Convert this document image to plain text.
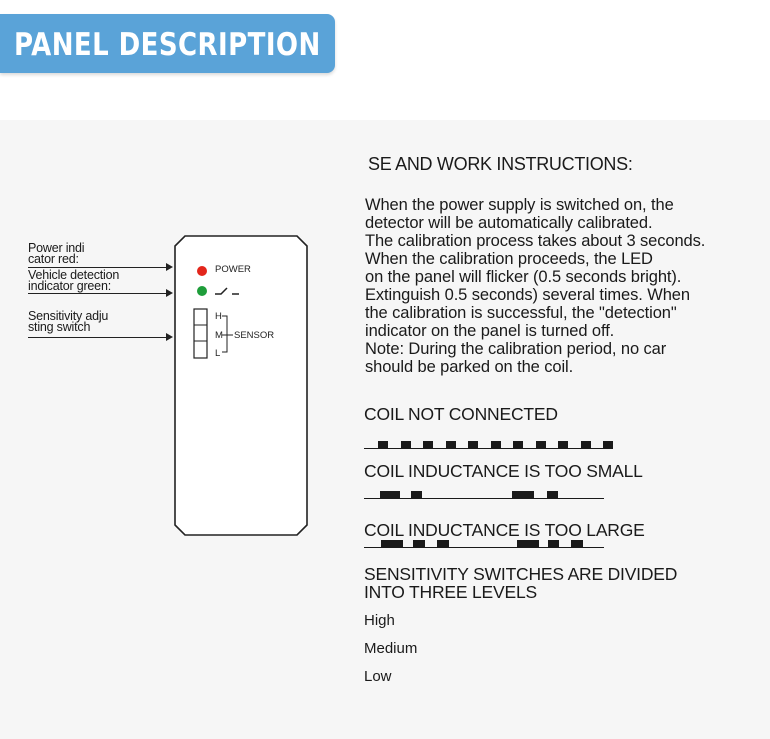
PANEL DESCRIPTION
Power indi
cator red:
Vehicle detection
indicator green:
Sensitivity adju
sting switch
POWER
H
M
L
SENSOR
SE AND WORK INSTRUCTIONS:
When the power supply is switched on, the
detector will be automatically calibrated.
The calibration process takes about 3 seconds.
When the calibration proceeds, the LED
on the panel will flicker (0.5 seconds bright).
Extinguish 0.5 seconds) several times. When
the calibration is successful, the "detection"
indicator on the panel is turned off.
Note: During the calibration period, no car
should be parked on the coil.
COIL NOT CONNECTED
COIL INDUCTANCE IS TOO SMALL
COIL INDUCTANCE IS TOO LARGE
SENSITIVITY SWITCHES ARE DIVIDED
INTO THREE LEVELS
High
Medium
Low
